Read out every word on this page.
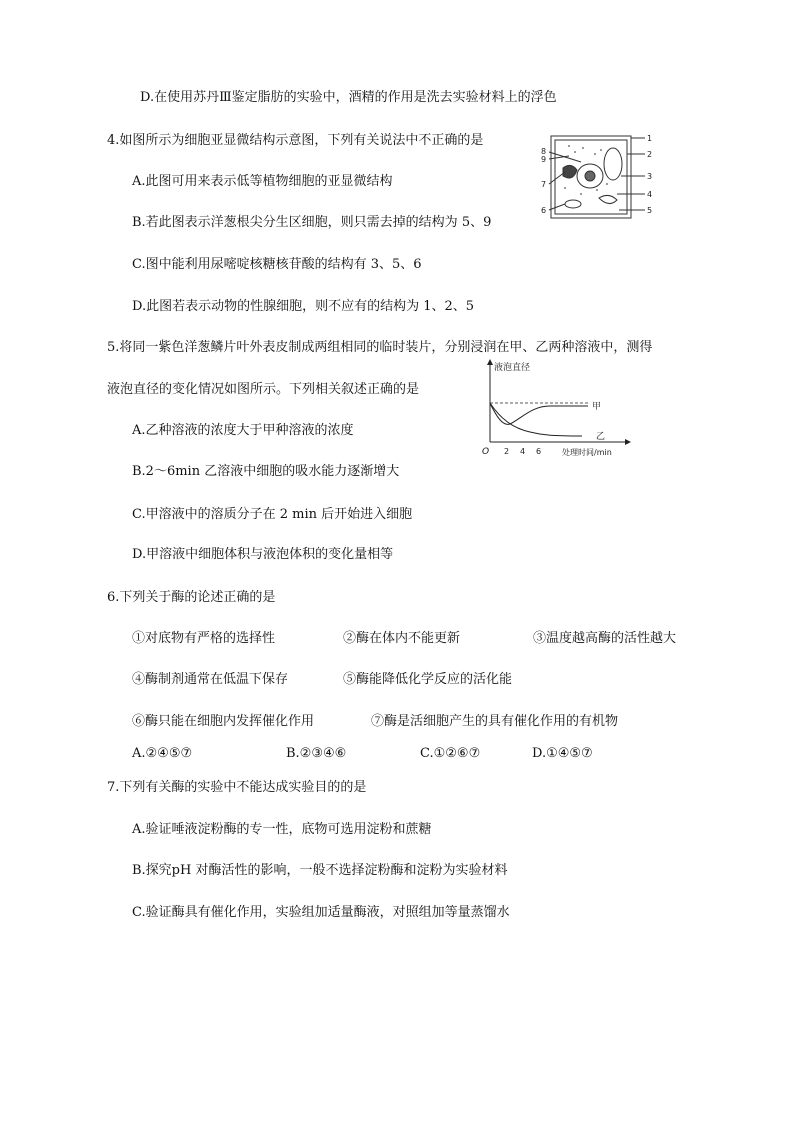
D.在使用苏丹Ⅲ鉴定脂肪的实验中，酒精的作用是洗去实验材料上的浮色
4.如图所示为细胞亚显微结构示意图，下列有关说法中不正确的是
A.此图可用来表示低等植物细胞的亚显微结构
B.若此图表示洋葱根尖分生区细胞，则只需去掉的结构为 5、9
C.图中能利用尿嘧啶核糖核苷酸的结构有 3、5、6
D.此图若表示动物的性腺细胞，则不应有的结构为 1、2、5
1
2
3
4
5
6
7
8
9
5.将同一紫色洋葱鳞片叶外表皮制成两组相同的临时装片，分别浸润在甲、乙两种溶液中，测得
液泡直径的变化情况如图所示。下列相关叙述正确的是
A.乙种溶液的浓度大于甲种溶液的浓度
B.2～6min 乙溶液中细胞的吸水能力逐渐增大
C.甲溶液中的溶质分子在 2 min 后开始进入细胞
D.甲溶液中细胞体积与液泡体积的变化量相等
液泡直径
O 2 4 6	处理时间/min
甲
乙
6.下列关于酶的论述正确的是
①对底物有严格的选择性	②酶在体内不能更新	③温度越高酶的活性越大
④酶制剂通常在低温下保存	⑤酶能降低化学反应的活化能
⑥酶只能在细胞内发挥催化作用	⑦酶是活细胞产生的具有催化作用的有机物
A.②④⑤⑦	B.②③④⑥	C.①②⑥⑦	D.①④⑤⑦
7.下列有关酶的实验中不能达成实验目的的是
A.验证唾液淀粉酶的专一性，底物可选用淀粉和蔗糖
B.探究pH 对酶活性的影响，一般不选择淀粉酶和淀粉为实验材料
C.验证酶具有催化作用，实验组加适量酶液，对照组加等量蒸馏水
